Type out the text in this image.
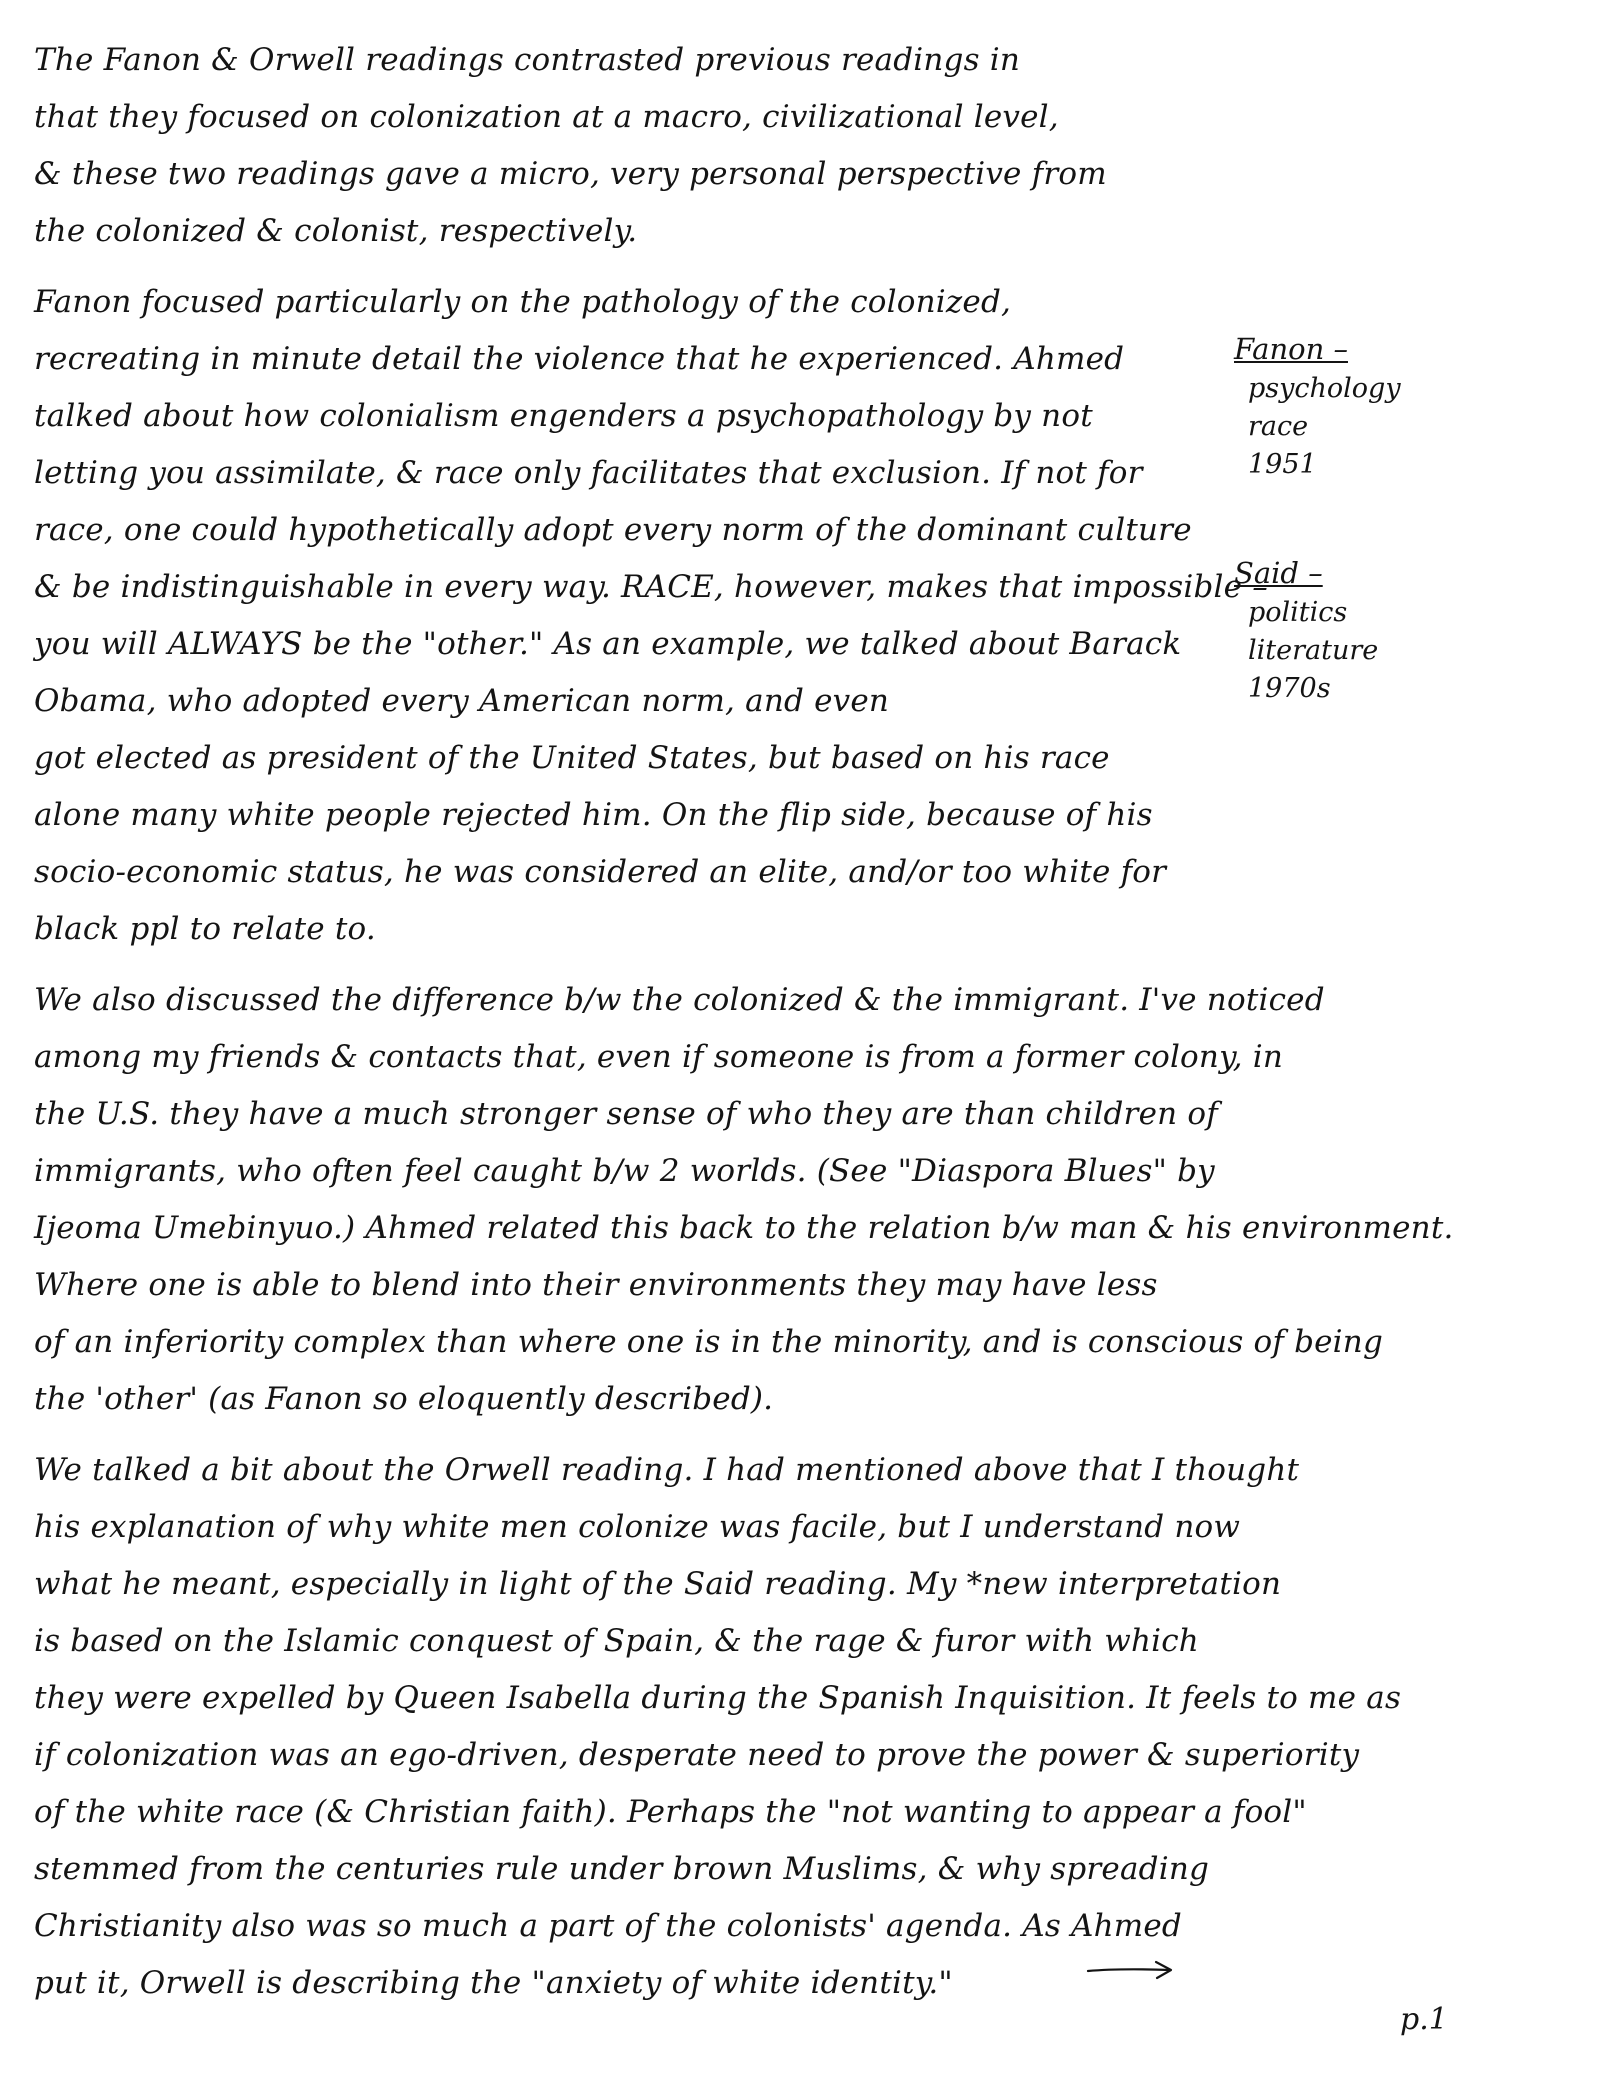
The Fanon & Orwell readings contrasted previous readings in
that they focused on colonization at a macro, civilizational level,
& these two readings gave a micro, very personal perspective from
the colonized & colonist, respectively.
Fanon focused particularly on the pathology of the colonized,
recreating in minute detail the violence that he experienced. Ahmed
talked about how colonialism engenders a psychopathology by not
letting you assimilate, & race only facilitates that exclusion. If not for
race, one could hypothetically adopt every norm of the dominant culture
& be indistinguishable in every way. RACE, however, makes that impossible –
you will ALWAYS be the "other." As an example, we talked about Barack
Obama, who adopted every American norm, and even
got elected as president of the United States, but based on his race
alone many white people rejected him. On the flip side, because of his
socio-economic status, he was considered an elite, and/or too white for
black ppl to relate to.
We also discussed the difference b/w the colonized & the immigrant. I've noticed
among my friends & contacts that, even if someone is from a former colony, in
the U.S. they have a much stronger sense of who they are than children of
immigrants, who often feel caught b/w 2 worlds. (See "Diaspora Blues" by
Ijeoma Umebinyuo.) Ahmed related this back to the relation b/w man & his environment.
Where one is able to blend into their environments they may have less
of an inferiority complex than where one is in the minority, and is conscious of being
the 'other' (as Fanon so eloquently described).
We talked a bit about the Orwell reading. I had mentioned above that I thought
his explanation of why white men colonize was facile, but I understand now
what he meant, especially in light of the Said reading. My *new interpretation
is based on the Islamic conquest of Spain, & the rage & furor with which
they were expelled by Queen Isabella during the Spanish Inquisition. It feels to me as
if colonization was an ego-driven, desperate need to prove the power & superiority
of the white race (& Christian faith). Perhaps the "not wanting to appear a fool"
stemmed from the centuries rule under brown Muslims, & why spreading
Christianity also was so much a part of the colonists' agenda. As Ahmed
put it, Orwell is describing the "anxiety of white identity."
Fanon –
psychology
race
1951
Said –
politics
literature
1970s
p.1
